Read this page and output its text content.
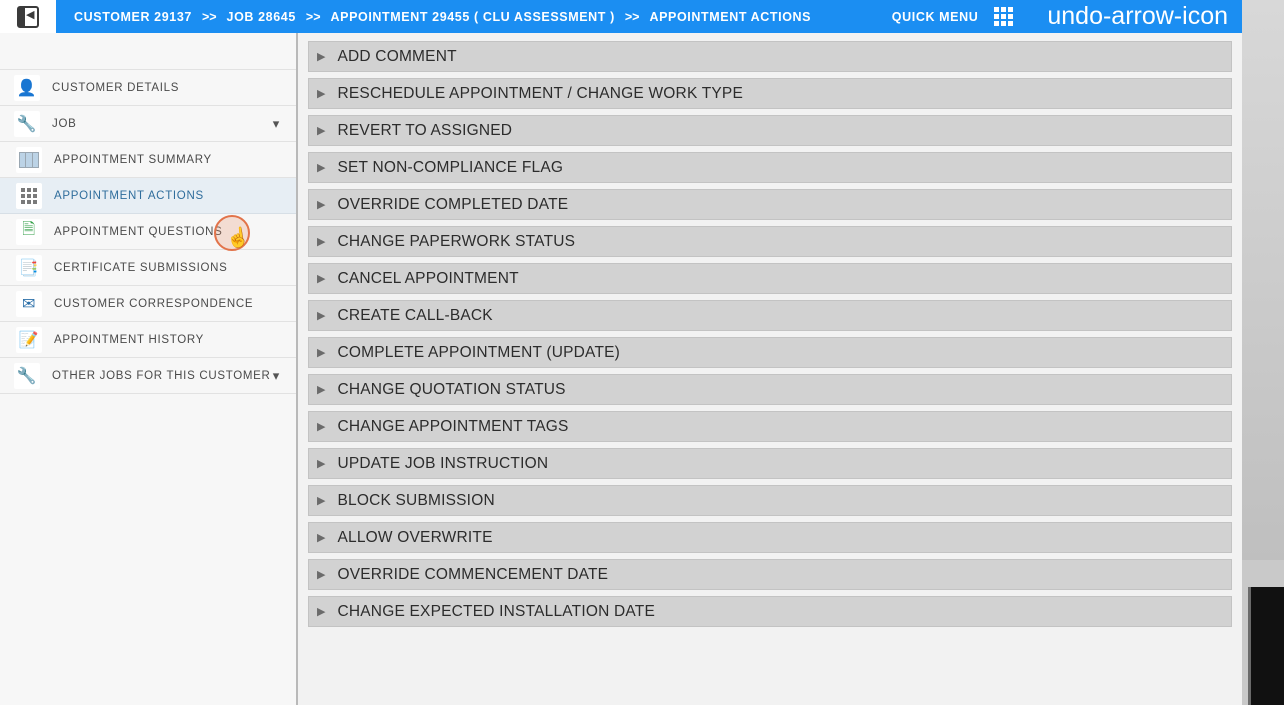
◀
CUSTOMER 29137 >> JOB 28645 >> APPOINTMENT 29455 ( CLU ASSESSMENT ) >> APPOINTMENT ACTIONS	QUICK MENU	undo-arrow-icon
👤 CUSTOMER DETAILS
🔧 JOB	▾
APPOINTMENT SUMMARY
APPOINTMENT ACTIONS
🗎	APPOINTMENT QUESTIONS
📑 CERTIFICATE SUBMISSIONS
✉	CUSTOMER CORRESPONDENCE
📝 APPOINTMENT HISTORY
🔧 OTHER JOBS FOR THIS CUSTOMER ▾
☝
▶ ADD COMMENT
▶ RESCHEDULE APPOINTMENT / CHANGE WORK TYPE
▶ REVERT TO ASSIGNED
▶ SET NON-COMPLIANCE FLAG
▶ OVERRIDE COMPLETED DATE
▶ CHANGE PAPERWORK STATUS
▶ CANCEL APPOINTMENT
▶ CREATE CALL-BACK
▶ COMPLETE APPOINTMENT (UPDATE)
▶ CHANGE QUOTATION STATUS
▶ CHANGE APPOINTMENT TAGS
▶ UPDATE JOB INSTRUCTION
▶ BLOCK SUBMISSION
▶ ALLOW OVERWRITE
▶ OVERRIDE COMMENCEMENT DATE
▶ CHANGE EXPECTED INSTALLATION DATE
